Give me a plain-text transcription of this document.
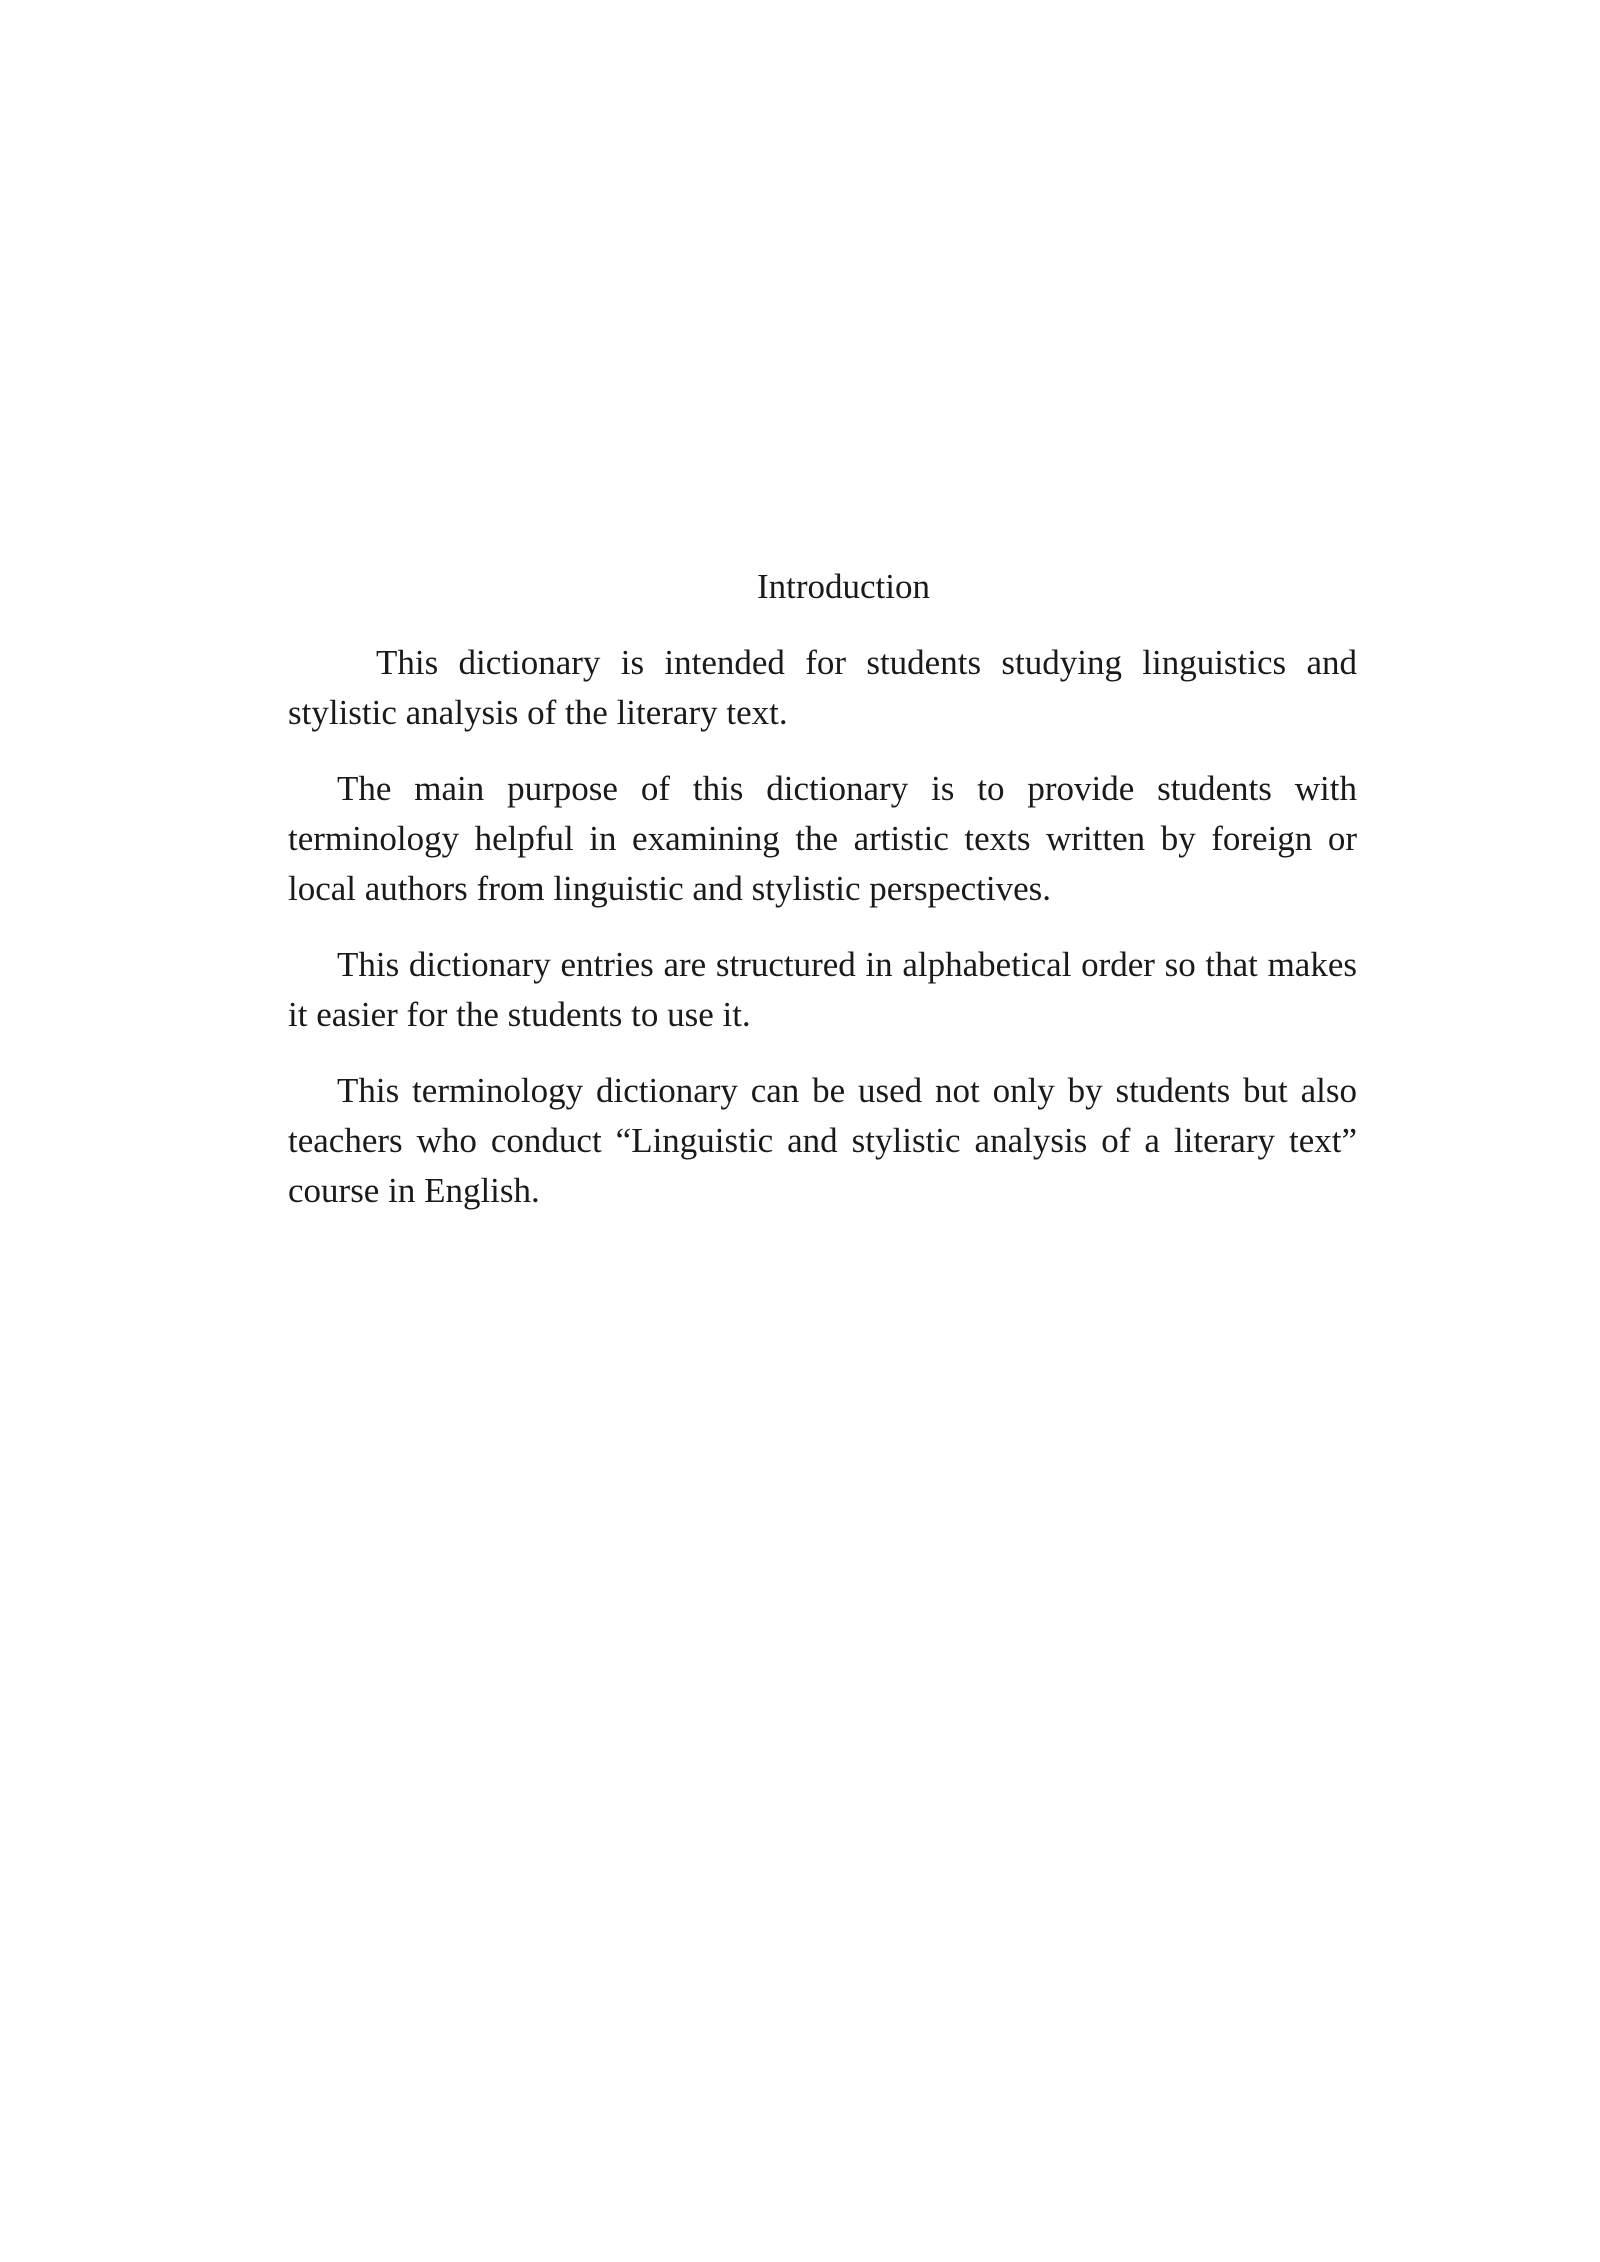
Introduction

This dictionary is intended for students studying linguistics and stylistic analysis of the literary text.

The main purpose of this dictionary is to provide students with terminology helpful in examining the artistic texts written by foreign or local authors from linguistic and stylistic perspectives.

This dictionary entries are structured in alphabetical order so that makes it easier for the students to use it.

This terminology dictionary can be used not only by students but also teachers who conduct “Linguistic and stylistic analysis of a literary text” course in English.
